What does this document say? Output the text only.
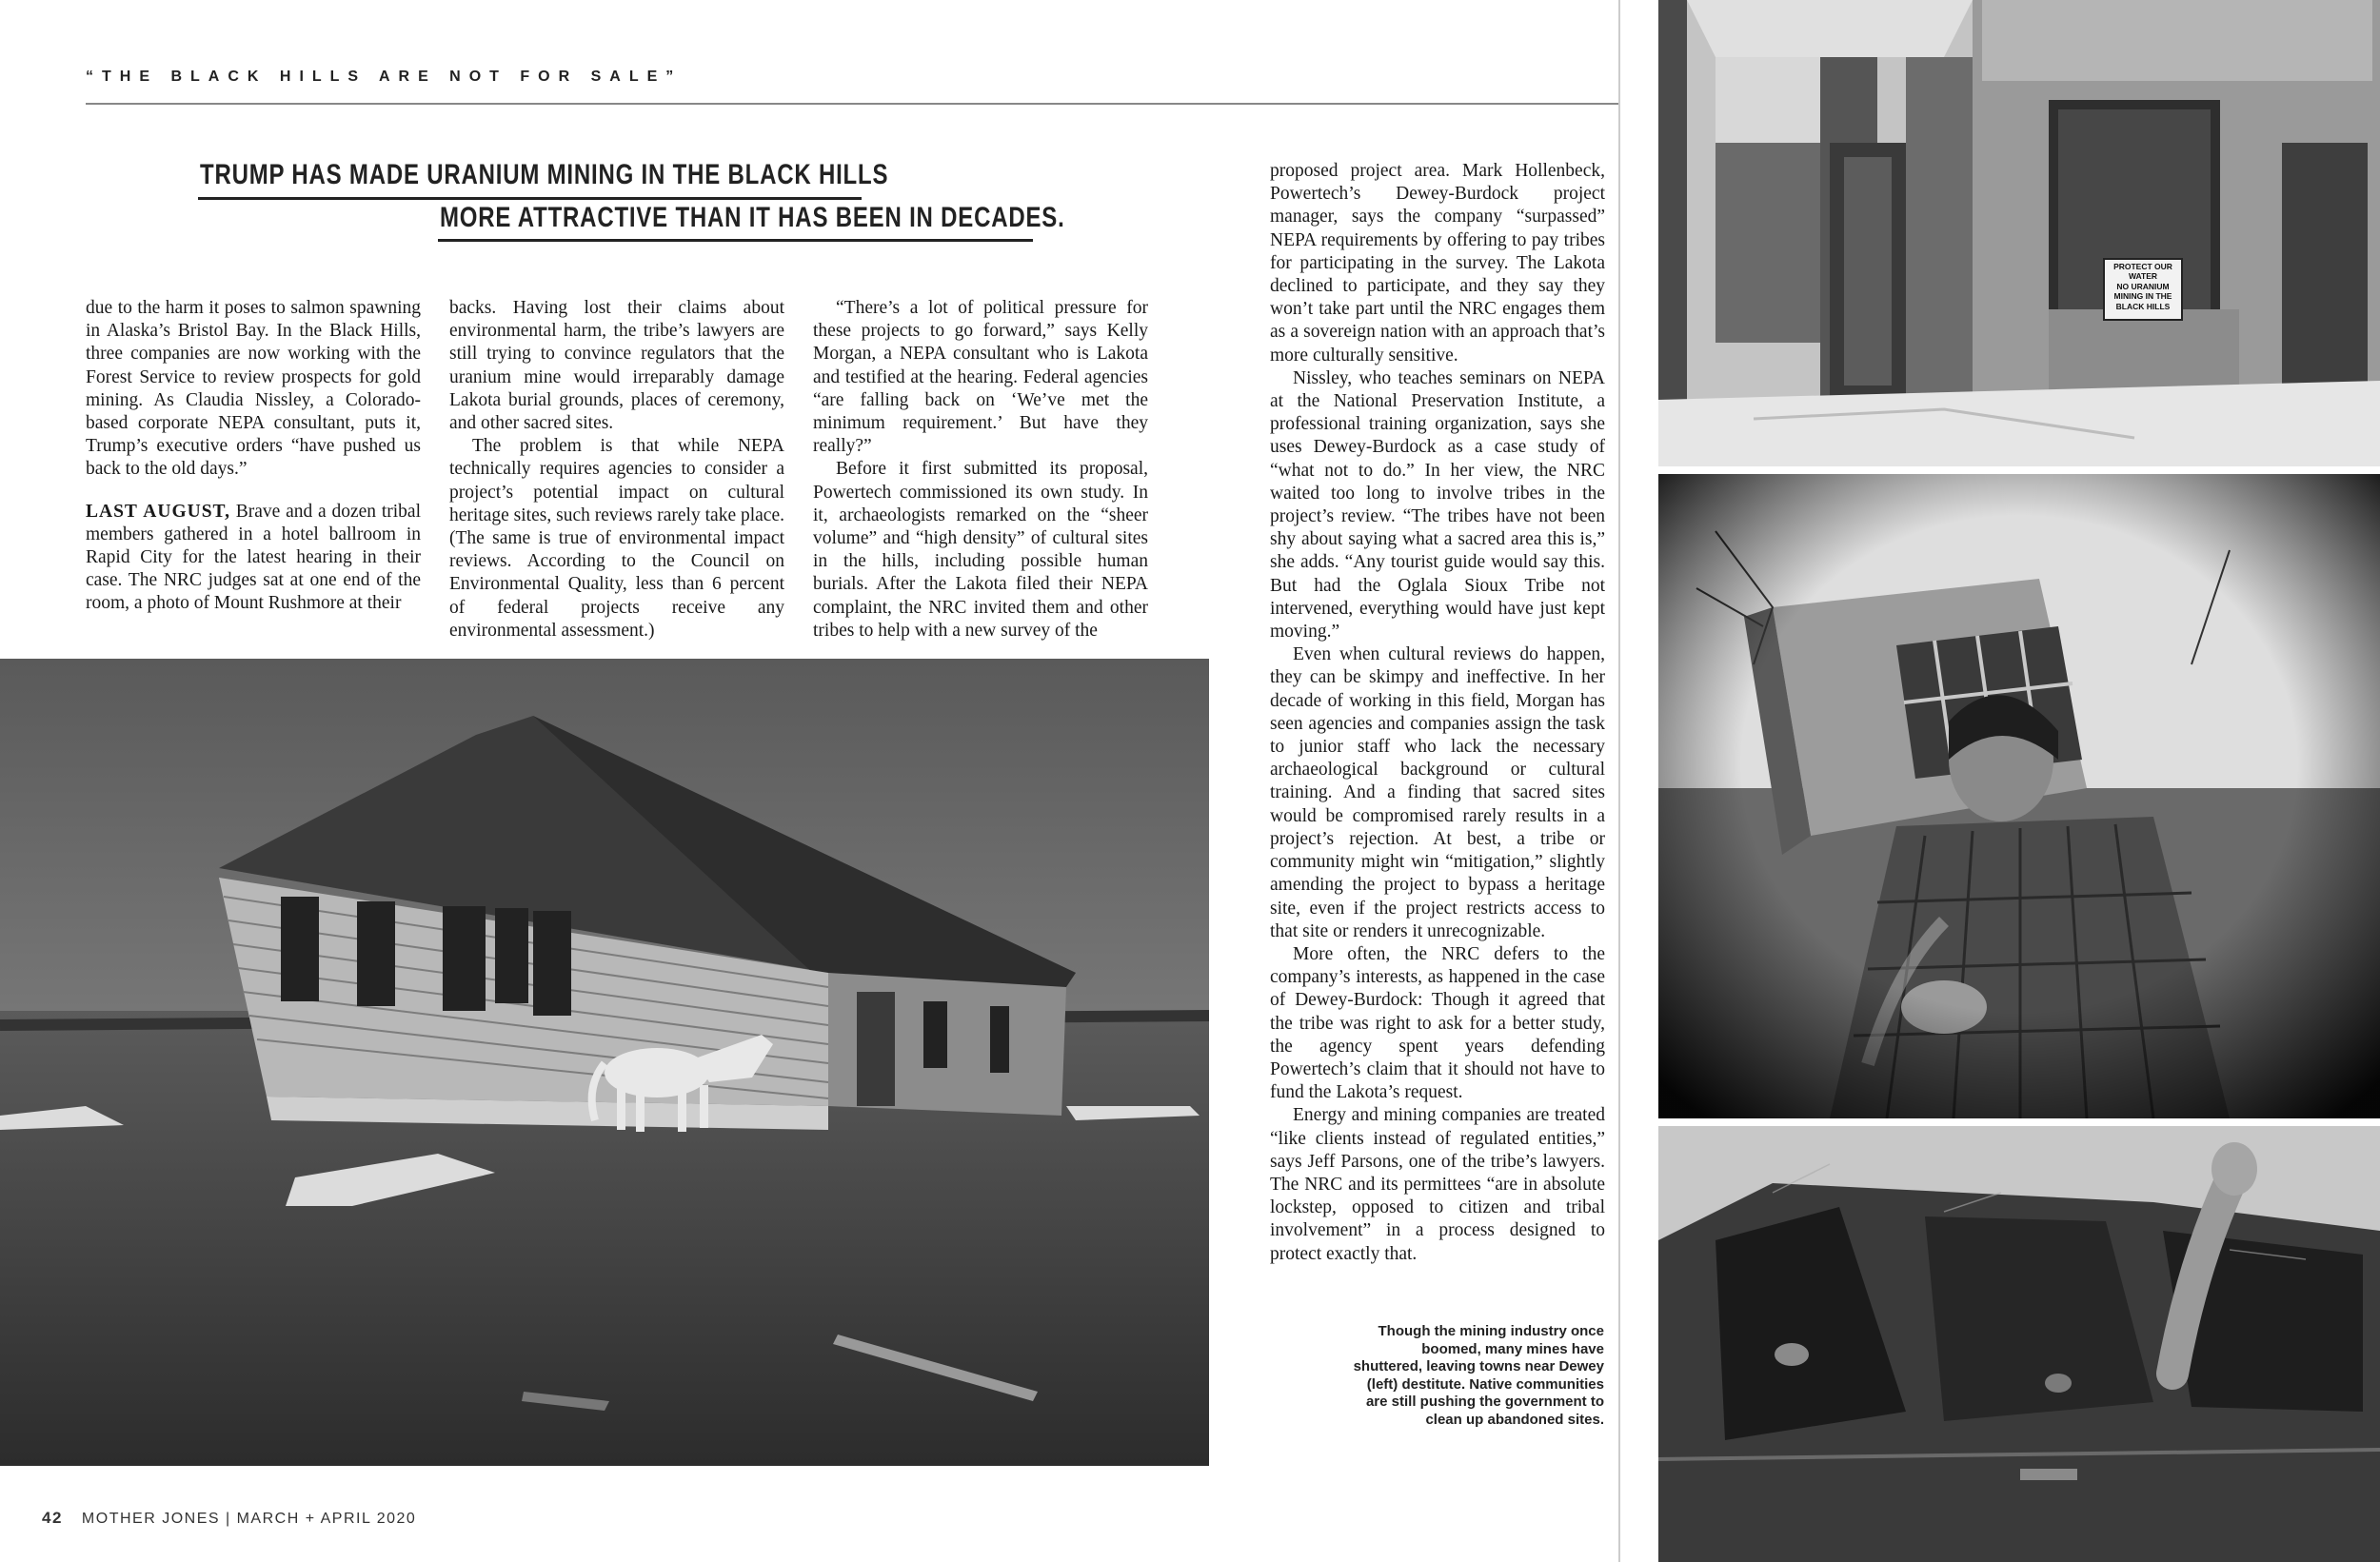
“THE BLACK HILLS ARE NOT FOR SALE”
TRUMP HAS MADE URANIUM MINING IN THE BLACK HILLS
MORE ATTRACTIVE THAN IT HAS BEEN IN DECADES.

due to the harm it poses to salmon spawning in Alaska’s Bristol Bay. In the Black Hills, three companies are now working with the Forest Service to review prospects for gold mining. As Claudia Nissley, a Colorado-based corporate NEPA consultant, puts it, Trump’s executive orders “have pushed us back to the old days.”

LAST AUGUST, Brave and a dozen tribal members gathered in a hotel ballroom in Rapid City for the latest hearing in their case. The NRC judges sat at one end of the room, a photo of Mount Rushmore at their

backs. Having lost their claims about environmental harm, the tribe’s lawyers are still trying to convince regulators that the uranium mine would irreparably damage Lakota burial grounds, places of ceremony, and other sacred sites.

The problem is that while NEPA technically requires agencies to consider a project’s potential impact on cultural heritage sites, such reviews rarely take place. (The same is true of environmental impact reviews. According to the Council on Environmental Quality, less than 6 percent of federal projects receive any environmental assessment.)

“There’s a lot of political pressure for these projects to go forward,” says Kelly Morgan, a NEPA consultant who is Lakota and testified at the hearing. Federal agencies “are falling back on ‘We’ve met the minimum requirement.’ But have they really?”

Before it first submitted its proposal, Powertech commissioned its own study. In it, archaeologists remarked on the “sheer volume” and “high density” of cultural sites in the hills, including possible human burials. After the Lakota filed their NEPA complaint, the NRC invited them and other tribes to help with a new survey of the

proposed project area. Mark Hollenbeck, Powertech’s Dewey-Burdock project manager, says the company “surpassed” NEPA requirements by offering to pay tribes for participating in the survey. The Lakota declined to participate, and they say they won’t take part until the NRC engages them as a sovereign nation with an approach that’s more culturally sensitive.

Nissley, who teaches seminars on NEPA at the National Preservation Institute, a professional training organization, says she uses Dewey-Burdock as a case study of “what not to do.” In her view, the NRC waited too long to involve tribes in the project’s review. “The tribes have not been shy about saying what a sacred area this is,” she adds. “Any tourist guide would say this. But had the Oglala Sioux Tribe not intervened, everything would have just kept moving.”

Even when cultural reviews do happen, they can be skimpy and ineffective. In her decade of working in this field, Morgan has seen agencies and companies assign the task to junior staff who lack the necessary archaeological background or cultural training. And a finding that sacred sites would be compromised rarely results in a project’s rejection. At best, a tribe or community might win “mitigation,” slightly amending the project to bypass a heritage site, even if the project restricts access to that site or renders it unrecognizable.

More often, the NRC defers to the company’s interests, as happened in the case of Dewey-Burdock: Though it agreed that the tribe was right to ask for a better study, the agency spent years defending Powertech’s claim that it should not have to fund the Lakota’s request.

Energy and mining companies are treated “like clients instead of regulated entities,” says Jeff Parsons, one of the tribe’s lawyers. The NRC and its permittees “are in absolute lockstep, opposed to citizen and tribal involvement” in a process designed to protect exactly that.

PROTECT OUR
WATER
NO URANIUM
MINING IN THE
BLACK HILLS
Though the mining industry once boomed, many mines have shuttered, leaving towns near Dewey (left) destitute. Native communities are still pushing the government to clean up abandoned sites.
42 MOTHER JONES | MARCH + APRIL 2020
